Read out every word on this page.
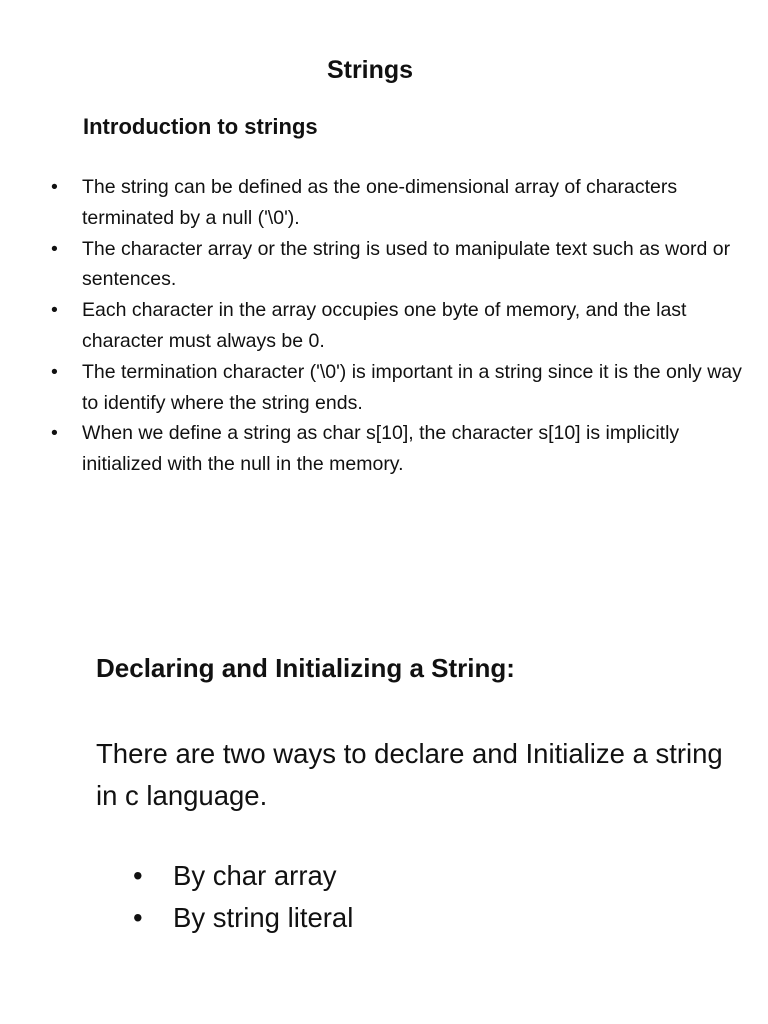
Strings
Introduction to strings
• The string can be defined as the one-dimensional array of characters terminated by a null ('\0').
• The character array or the string is used to manipulate text such as word or sentences.
• Each character in the array occupies one byte of memory, and the last character must always be 0.
• The termination character ('\0') is important in a string since it is the only way to identify where the string ends.
• When we define a string as char s[10], the character s[10] is implicitly initialized with the null in the memory.
Declaring and Initializing a String:

There are two ways to declare and Initialize a string in c language.

• By char array
• By string literal
